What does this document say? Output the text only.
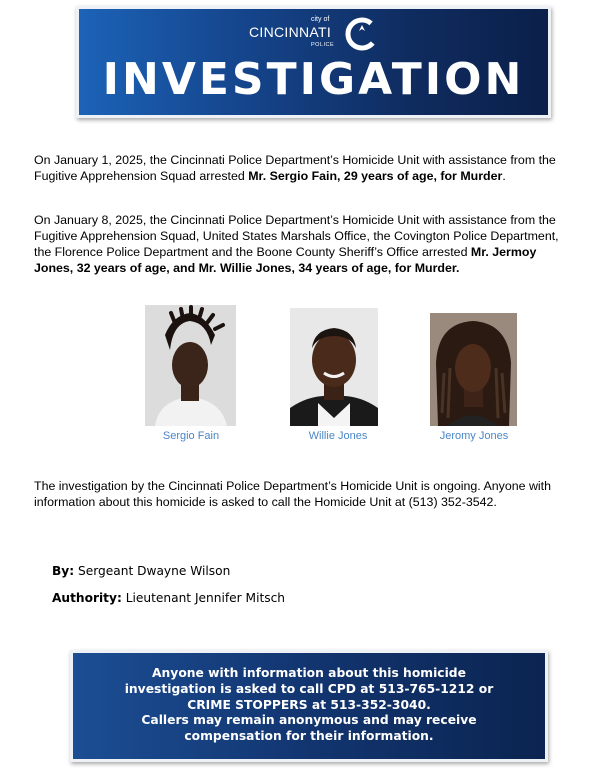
city of
CINCINNATI
POLICE
INVESTIGATION
On January 1, 2025, the Cincinnati Police Department’s Homicide Unit with assistance from the Fugitive Apprehension Squad arrested Mr. Sergio Fain, 29 years of age, for Murder.
On January 8, 2025, the Cincinnati Police Department’s Homicide Unit with assistance from the Fugitive Apprehension Squad, United States Marshals Office, the Covington Police Department, the Florence Police Department and the Boone County Sheriff’s Office arrested Mr. Jermoy Jones, 32 years of age, and Mr. Willie Jones, 34 years of age, for Murder.
Sergio Fain	Willie Jones	Jeromy Jones
The investigation by the Cincinnati Police Department’s Homicide Unit is ongoing. Anyone with information about this homicide is asked to call the Homicide Unit at (513) 352-3542.
By: Sergeant Dwayne Wilson
Authority: Lieutenant Jennifer Mitsch
Anyone with information about this homicide
investigation is asked to call CPD at 513-765-1212 or
CRIME STOPPERS at 513-352-3040.
Callers may remain anonymous and may receive
compensation for their information.
